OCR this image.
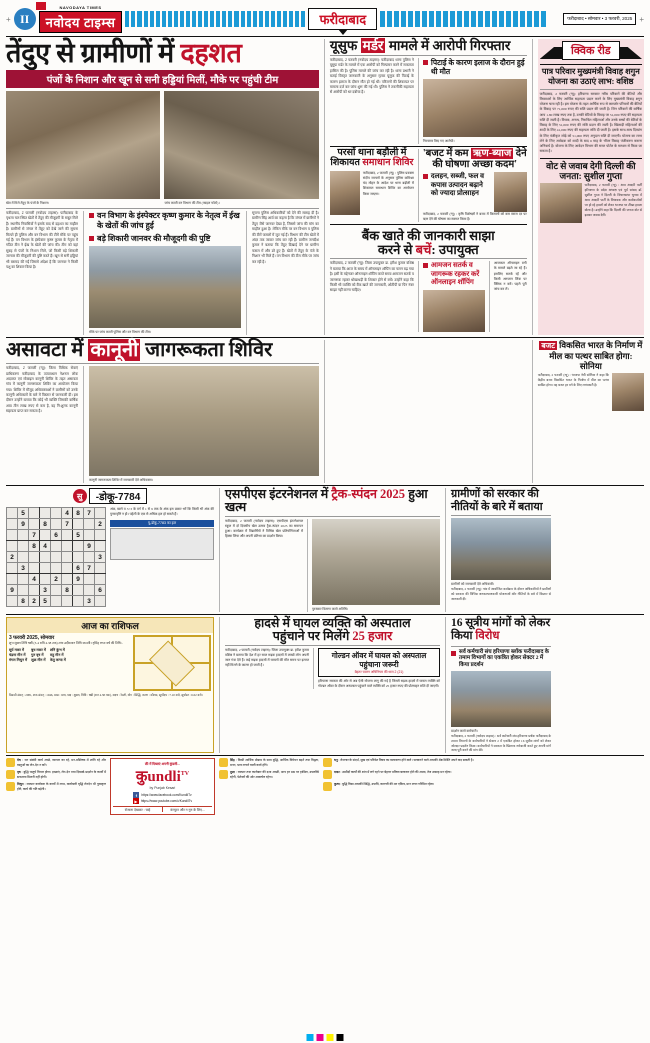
+ II
NAVODAYA TIMES
नवोदय टाइम्स	फरीदाबाद	फरीदाबाद • सोमवार • 3 फरवरी, 2025 +
तेंदुए से ग्रामीणों में दहशत
पंजों के निशान और खून से सनी हड्डियां मिलीं, मौके पर पहुंची टीम
खेत में मिले तेंदुए के पंजों के निशान।	जांच करती वन विभाग की टीम (फाइल फोटो)।
फरीदाबाद, 2 फरवरी (नवोदय टाइम्स): फरीदाबाद के पृथला चल स्थित खेतों में तेंदुए की मौजूदगी के सबूत मिले हैं। स्थानीय निवासियों ने इसके बाद से दहशत का माहौल है। ग्रामीणों से जंगल में तेंदुए को देखे जाने की सूचना मिलते ही पुलिस और वन विभाग की टीमें मौके पर पहुंच गई हैं। वन विभाग के इंस्पेक्टर कृष्ण कुमार के नेतृत्व में गठित टीम ने ईख के खेतों की जांच की। टीम को वहां सुबह से पंजों के निशान मिले, जो किसी बड़े शिकारी जानवर की मौजूदगी की पुष्टि करते हैं। खून से सनी हड्डियां भी बरामद की गईं जिससे अंदेशा है कि जानवर ने किसी पशु का शिकार किया है।
वन विभाग के इंस्पेक्टर कृष्ण कुमार के नेतृत्व में ईख के खेतों की जांच हुई
बड़े शिकारी जानवर की मौजूदगी की पुष्टि
मौके पर जांच करती पुलिस और वन विभाग की टीम।
सूचना पुलिस अधिकारियों को देने की सलाह दी है। ग्रामीण सिंह आर्य का कहना है कि जंगल में ग्रामीणों ने तेंदुए जैसे जानवर देखा है, जिससे जांच की मांग का माहौल हुआ है। लेकिन मौके पर वन विभाग व पुलिस की टीमें फसलों में जुट गई हैं। विभाग की टीम खेतों में अंदर तक जाकर जांच कर रही हैं। ग्रामीण जगदीश कुमार ने बताया कि तेंदुए दिखाई देने पर ग्रामीण फसल में और डरे हुए हैं। खेतों में तेंदुए के पंजे के निशान भी मिले हैं। वन विभाग की टीम मौके पर जांच कर रही है।
यूसुफ मर्डर मामले में आरोपी गिरफ्तार
फरीदाबाद, 2 फरवरी (नवोदय टाइम्स): फरीदाबाद थाना पुलिस ने यूसुफ मर्डर के मामले में एक आरोपी को गिरफ्तार करने में सफलता हासिल की है। पुलिस मामले की जांच कर रही है। थाना प्रभारी ने बताई विस्तृत जानकारी के अनुसार मृतक यूसुफ की पिटाई के कारण इलाज के दौरान मौत हो गई थी। परिजनों की शिकायत पर मामला दर्ज कर जांच शुरू की गई थी। पुलिस ने तकनीकी सहायता से आरोपी को धर दबोचा है।
पिटाई के कारण इलाज के दौरान हुई थी मौत
गिरफ्तार किए गए आरोपी।
परसों थाना बड़ौली में
शिकायत समाधान शिविर
फरीदाबाद, 2 फरवरी (न्यू) : पुलिस प्रवक्ता संदीप जागलों के अनुसार पुलिस कमिश्नर चंद मोहन के आदेश पर थाना बड़ौली में शिकायत समाधान शिविर का आयोजन किया जाएगा।
'बजट में कम ऋण-ब्याज देने की घोषणा अच्छा कदम'
दलहन, सब्जी, फल व कपास उत्पादन बढ़ाने को ज्यादा प्रोत्साहन
फरीदाबाद, 2 फरवरी (न्यू) : कृषि विशेषज्ञों ने बजट में किसानों को कम ब्याज दर पर ऋण देने की घोषणा का स्वागत किया है।
बैंक खाते की जानकारी साझा
करने से बचें: उपायुक्त
फरीदाबाद, 2 फरवरी (न्यू): जिला उपायुक्त डा. हरीश कुमार वशिष्ठ ने बताया कि आज के समय में ऑनलाइन शॉपिंग का चलन बढ़ गया है। इसी के मद्देनजर ऑनलाइन शॉपिंग करते समय आमजन सतर्क व जागरूक रहकर धोखाधड़ी के शिकार होने से बचें। उन्होंने कहा कि किसी भी व्यक्ति को बैंक खाते की जानकारी, ओटीपी या पिन नंबर साझा नहीं करना चाहिए।
आमजन सतर्क व जागरूक रहकर करें ऑनलाइन शॉपिंग
आजकल ऑनलाइन ठगी के मामले बढ़ते जा रहे हैं। इसलिए सतर्क रहें और किसी अनजान लिंक पर क्लिक न करें। पहले पूरी जांच कर लें।
क्विक रीड
पात्र परिवार मुख्यमंत्री विवाह शगुन योजना का उठाएं लाभ: वशिष्ठ
फरीदाबाद, 2 फरवरी (न्यू): हरियाणा सरकार गरीब परिवारों की बेटियों और विधवाओं के लिए आर्थिक सहायता प्रदान करने के लिए मुख्यमंत्री विवाह शगुन योजना चला रही है। इस योजना के तहत आर्थिक रूप से कमजोर परिवारों की बेटियों के विवाह पर 71,000 रुपए की राशि प्रदान की जाती है। जिन परिवारों की वार्षिक आय 1.80 लाख रुपए तक है, उनकी बेटियों के विवाह पर 51,000 रुपए की सहायता राशि दी जाती है। विधवा, अनाथ, निराश्रित महिलाओं और उनके बच्चों की बेटियों के विवाह के लिए 51,000 रुपए की राशि प्रदान की जाती है। खिलाड़ी महिलाओं की शादी के लिए 41,000 रुपए की सहायता राशि दी जाती है। इसके साथ-साथ दिव्यांग के लिए पंजीकृत जोड़े को 51,000 रुपए अनुदान राशि दी जाएगी। योजना का लाभ लेने के लिए आवेदक को शादी के बाद 6 माह के भीतर विवाह पंजीकरण कराना अनिवार्य है। योजना के लिए आवेदन विभाग की सरल पोर्टल के माध्यम से किया जा सकता है।
वोट से जवाब देगी दिल्ली की
जनता: सुशील गुप्ता
फरीदाबाद, 2 फरवरी (न्यू) : आम आदमी पार्टी हरियाणा के प्रदेश अध्यक्ष एवं पूर्व सांसद डॉ. सुशील गुप्ता ने दिल्ली के विधानसभा चुनाव में आम आदमी पार्टी के विधायक और कार्यकर्ताओं पर हो रहे हमलों को लेकर भाजपा पर तीखा हमला बोला है। उन्होंने कहा कि दिल्ली की जनता वोट से इसका जवाब देगी।
असावटा में कानूनी जागरूकता शिविर
फरीदाबाद, 2 फरवरी (न्यू): जिला विधिक सेवाएं प्राधिकरण फरीदाबाद के तत्वावधान नेशनल लोक अदालत एवं मोबाइल कानूनी शिविर के तहत असावटा गांव में कानूनी जागरूकता शिविर का आयोजन किया गया। शिविर में मौजूद अधिवक्ताओं ने ग्रामीणों को उनके कानूनी अधिकारों के बारे में विस्तार से जानकारी दी। इस दौरान उन्होंने बताया कि कोई भी व्यक्ति जिसकी वार्षिक आय तीन लाख रुपए से कम है, वह नि:शुल्क कानूनी सहायता प्राप्त कर सकता है।
कानूनी जागरूकता शिविर में जानकारी देते अधिवक्ता।
बजट विकसित भारत के निर्माण में मील का पत्थर साबित होगा: सोनिया
फरीदाबाद, 2 फरवरी (न्यू) : भाजपा नेत्री सोनिया ने कहा कि केंद्रीय बजट विकसित भारत के निर्माण में मील का पत्थर साबित होगा। यह बजट हर वर्ग के लिए लाभकारी है।
सु	-डोकू-7784
	5				4	8	7	
	9		8		7			2
		7		6		5		
		8	4				9	
2								3
	3					6	7	
		4		2		9		
9			3		8			6
	8	2	5				3	
अंक, खाने व 3×3 के वर्ग में 1 से 9 तक के अंक इस प्रकार भरें कि किसी भी अंक की पुनरावृत्ति न हो। पहेली के एक से अधिक हल हो सकते हैं।
पू-डोकू-7783 का हल
एसपीएस इंटरनेशनल में ट्रैक-स्पंदन 2025 हुआ खत्म
फरीदाबाद, 2 फरवरी (नवोदय टाइम्स): एसपीएस इंटरनेशनल स्कूल में दो दिवसीय खेल उत्सव ट्रैक-स्पंदन 2025 का समापन हुआ। कार्यक्रम में विद्यार्थियों ने विभिन्न खेल प्रतियोगिताओं में हिस्सा लिया और अपनी प्रतिभा का प्रदर्शन किया।
पुरस्कार वितरण करते अतिथि।
ग्रामीणों को सरकार की नीतियों के बारे में बताया
ग्रामीणों को जानकारी देते अधिकारी।
फरीदाबाद, 2 फरवरी (न्यू): गांव में आयोजित कार्यक्रम के दौरान अधिकारियों ने ग्रामीणों को सरकार की विभिन्न जनकल्याणकारी योजनाओं और नीतियों के बारे में विस्तार से जानकारी दी।
आज का राशिफल
3 फरवरी 2025, सोमवार
शुभ शुक्ल तिथि षष्ठी (3-4 रात्रि 4.38 तक) तथा उदीयमान तिथि सप्तमी। नृसिंह रूप्य वर्ष की तिथि:-
सूर्य मकर में
चंद्रमा मीन में
मंगल मिथुन में
बुध मकर में
गुरु वृष में
शुक्र मीन में
शनि कुंभ में
राहु मीन में
केतु कन्या में
विक्रमी संवत् : 2081, शक संवत् : 1946, मास : माघ, पक्ष : शुक्ल, तिथि : षष्ठी (रात 4.38 तक), नक्षत्र : रेवती, योग : सिद्धि, करण : कौलव, सूर्योदय : 7.10 बजे, सूर्यास्त : 6.02 बजे।
हादसे में घायल व्यक्ति को अस्पताल
पहुंचाने पर मिलेंगे 25 हजार
फरीदाबाद, 2 फरवरी (नवोदय टाइम्स): जिला उपायुक्त डा. हरीश कुमार वशिष्ठ ने बताया कि देश में हर साल सड़क हादसों में लाखों लोग अपनी जान गंवा देते हैं। कई सड़क हादसों में घायलों की मौत समय पर इलाज नहीं मिलने के कारण हो जाती है।
गोल्डन ऑवर में घायल को अस्पताल पहुंचाना जरूरी
बेहतर चालन अधिनियम की धारा 2 (21)
हरियाणा सरकार की ओर से अब ऐसी योजना लागू की गई है जिसमें सड़क हादसे में घायल व्यक्ति को गोल्डन ऑवर के दौरान अस्पताल पहुंचाने वाले व्यक्ति को 25 हजार रुपए की प्रोत्साहन राशि दी जाएगी।
16 सूत्रीय मांगों को लेकर किया विरोध
सर्व कर्मचारी संघ हरियाणा ब्लॉक फरीदाबाद के तमाम विभागों का एकत्रित होकर सेक्टर 2 में किया प्रदर्शन
प्रदर्शन करते कर्मचारी।
फरीदाबाद, 2 फरवरी (नवोदय टाइम्स) : सर्व कर्मचारी संघ हरियाणा ब्लॉक फरीदाबाद के तमाम विभागों के कर्मचारियों ने सेक्टर 2 में एकत्रित होकर 16 सूत्रीय मांगों को लेकर जोरदार प्रदर्शन किया। कर्मचारियों ने सरकार के खिलाफ नारेबाजी करते हुए अपनी मांगें जल्द पूरी करने की मांग की।
मेष : धन संबंधी कार्य अच्छे, व्यापार का रहे, मन-मस्तिष्क में शांति रहे और वस्तुओं का लेन-देन न करें।
वृष : बुद्धि चातुर्य विचार होगा। इच्छाएं, लेन-देन तथा दिखावे-प्रदर्शन के कार्यों में सफलता मिलनी नहीं होगी।
मिथुन : व्यापार कारोबार के कार्यों में लाभ, कारोबारी वृद्धि लेनदेन भी पुरस्कृत्त होंगे, कार्य की गति बढ़ेगी।
फ्री में दिखाएं अपनी कुंडली...
कुundli$^{TV}$
by Punjab Kesari
f	https://www.facebook.com/KundliTv
▶	https://www.youtube.com/c/KundliTv
रोजाना देखकर : चाहे	कंप्यूटर और न गुरु के लिए...
सिंह : किसी आर्थिक प्रोग्राम के साथ बुद्धि, आर्थिक विवेचन बढ़ने तथा विद्वता, मनन, भाव लगाने वाली कार्य होंगे।
तुला : व्यापार तथा कारोबार की दशा अच्छी, आप हर प्रश्न पर हासिल, उपलब्धि रहेगी, पेशेवरों की ओर आकर्षण रहेगा।
धनु : रोजगार के संदर्भ, सुख एवं परिवेश विषय का वातावरण होने वाले। चलकरने वाले आपकी श्रेष्ठ स्थिति अपने कद सकती है।
मकर : उम्मीदों कार्यों की शांत में लगे रहने पर बेहतर भविष्य बरकरार होने की आशा, तेज उत्साह मन रहेगा।
कुम्भ : बुद्धि विद्या आपकी सिद्धि, उपाधि, कारगरी की मन एकित्र, मान लगन गरिमित रहेगा।
